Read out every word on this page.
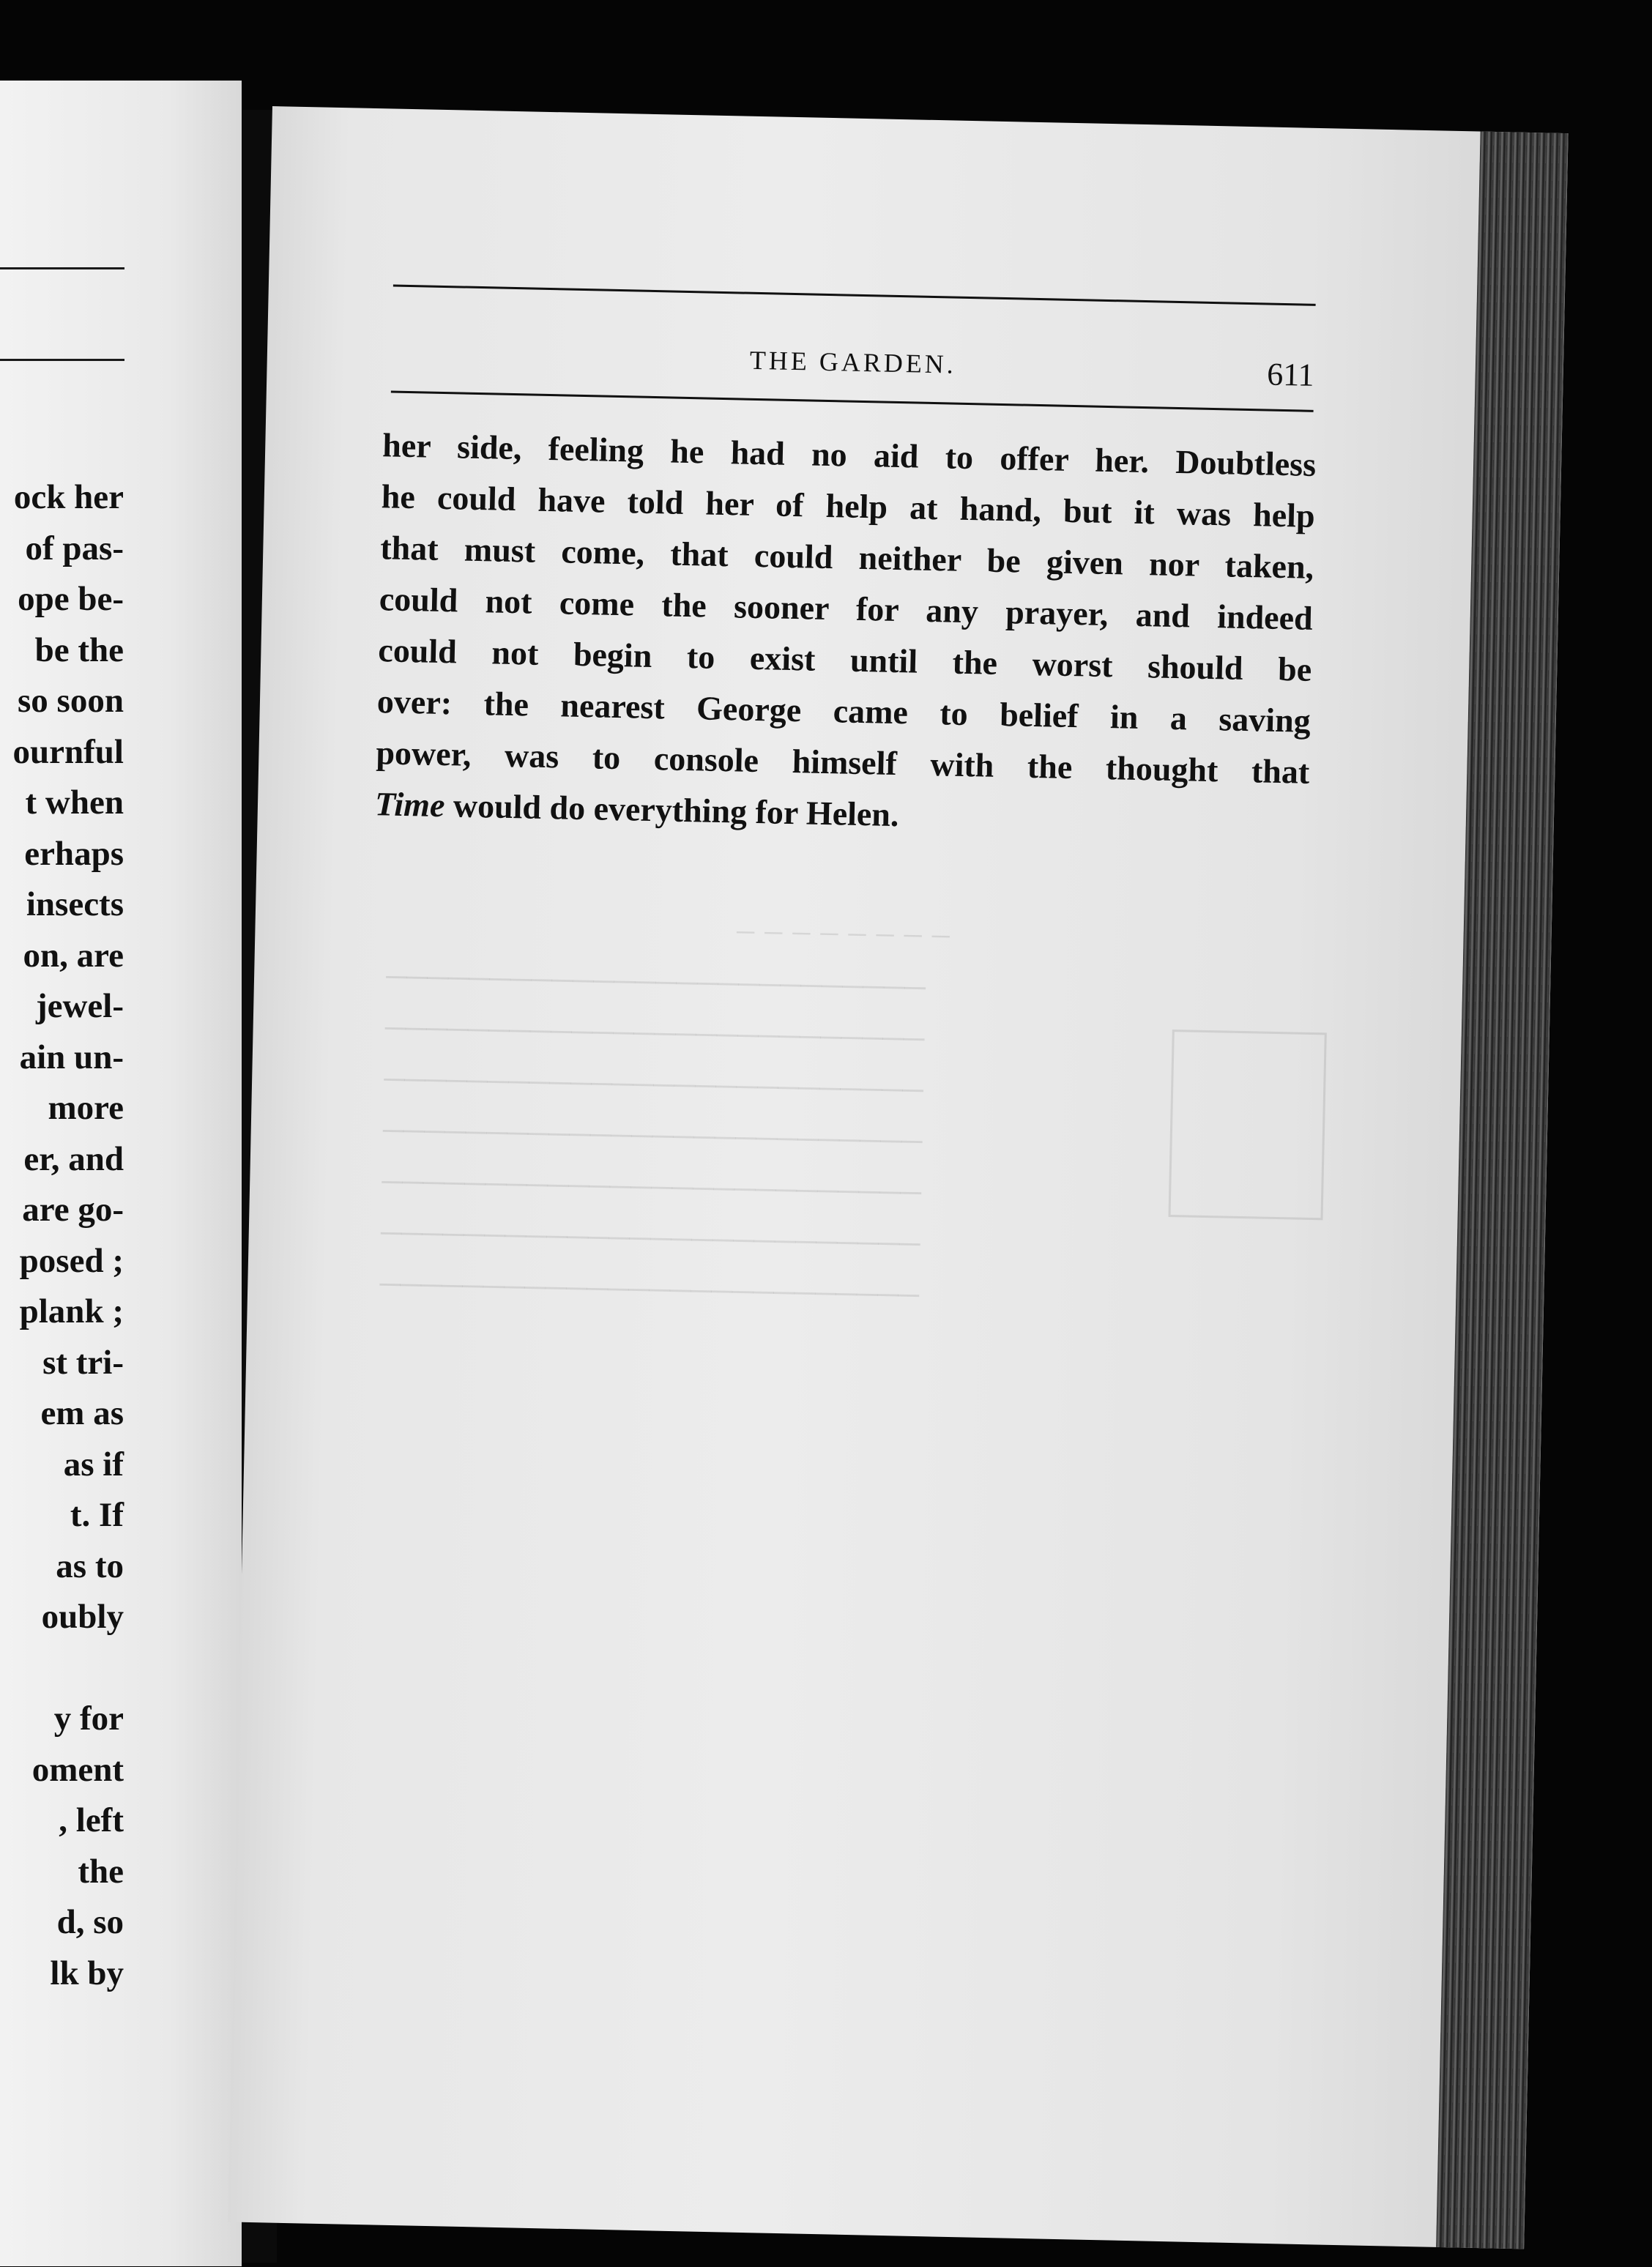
ock her
of pas-
ope be-
be the
so soon
ournful
t when
erhaps
insects
on, are
jewel-
ain un-
more
er, and
are go-
posed ;
plank ;
st tri-
em as
as if
t. If
as to
oubly
y for
oment
, left
the
d, so
lk by
THE GARDEN.	611
her side, feeling he had no aid to offer her. Doubtless
he could have told her of help at hand, but it was help
that must come, that could neither be given nor taken,
could not come the sooner for any prayer, and indeed
could not begin to exist until the worst should be
over: the nearest George came to belief in a saving
power, was to console himself with the thought that
Time would do everything for Helen.
────────
──────────────────────────
──────────────────────────
──────────────────────────
──────────────────────────
──────────────────────────
──────────────────────────
──────────────────────────
